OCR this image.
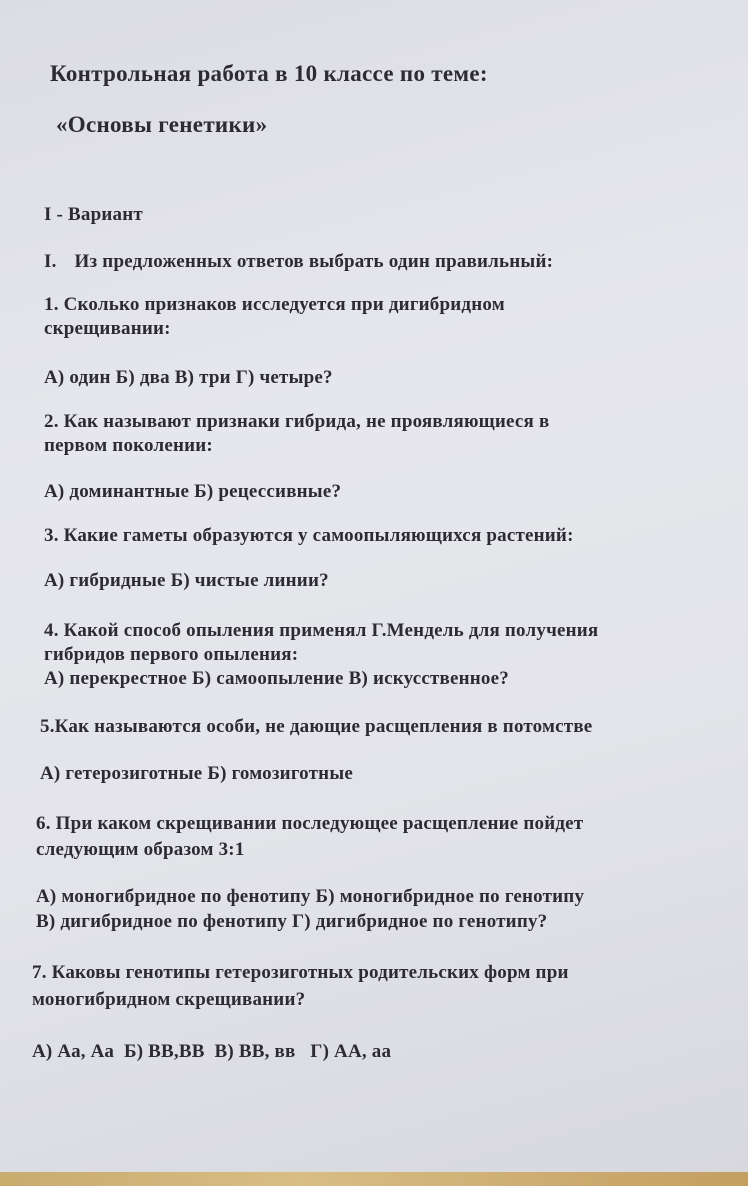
Контрольная работа в 10 классе по теме:
«Основы генетики»
I - Вариант
I. Из предложенных ответов выбрать один правильный:
1. Сколько признаков исследуется при дигибридном
скрещивании:
А) один Б) два В) три Г) четыре?
2. Как называют признаки гибрида, не проявляющиеся в
первом поколении:
А) доминантные Б) рецессивные?
3. Какие гаметы образуются у самоопыляющихся растений:
А) гибридные Б) чистые линии?
4. Какой способ опыления применял Г.Мендель для получения
гибридов первого опыления:
А) перекрестное Б) самоопыление В) искусственное?
5.Как называются особи, не дающие расщепления в потомстве
А) гетерозиготные Б) гомозиготные
6. При каком скрещивании последующее расщепление пойдет
следующим образом 3:1
А) моногибридное по фенотипу Б) моногибридное по генотипу
В) дигибридное по фенотипу Г) дигибридное по генотипу?
7. Каковы генотипы гетерозиготных родительских форм при
моногибридном скрещивании?
А) Аа, Аа  Б) ВВ,ВВ  В) ВВ, вв   Г) АА, аа
